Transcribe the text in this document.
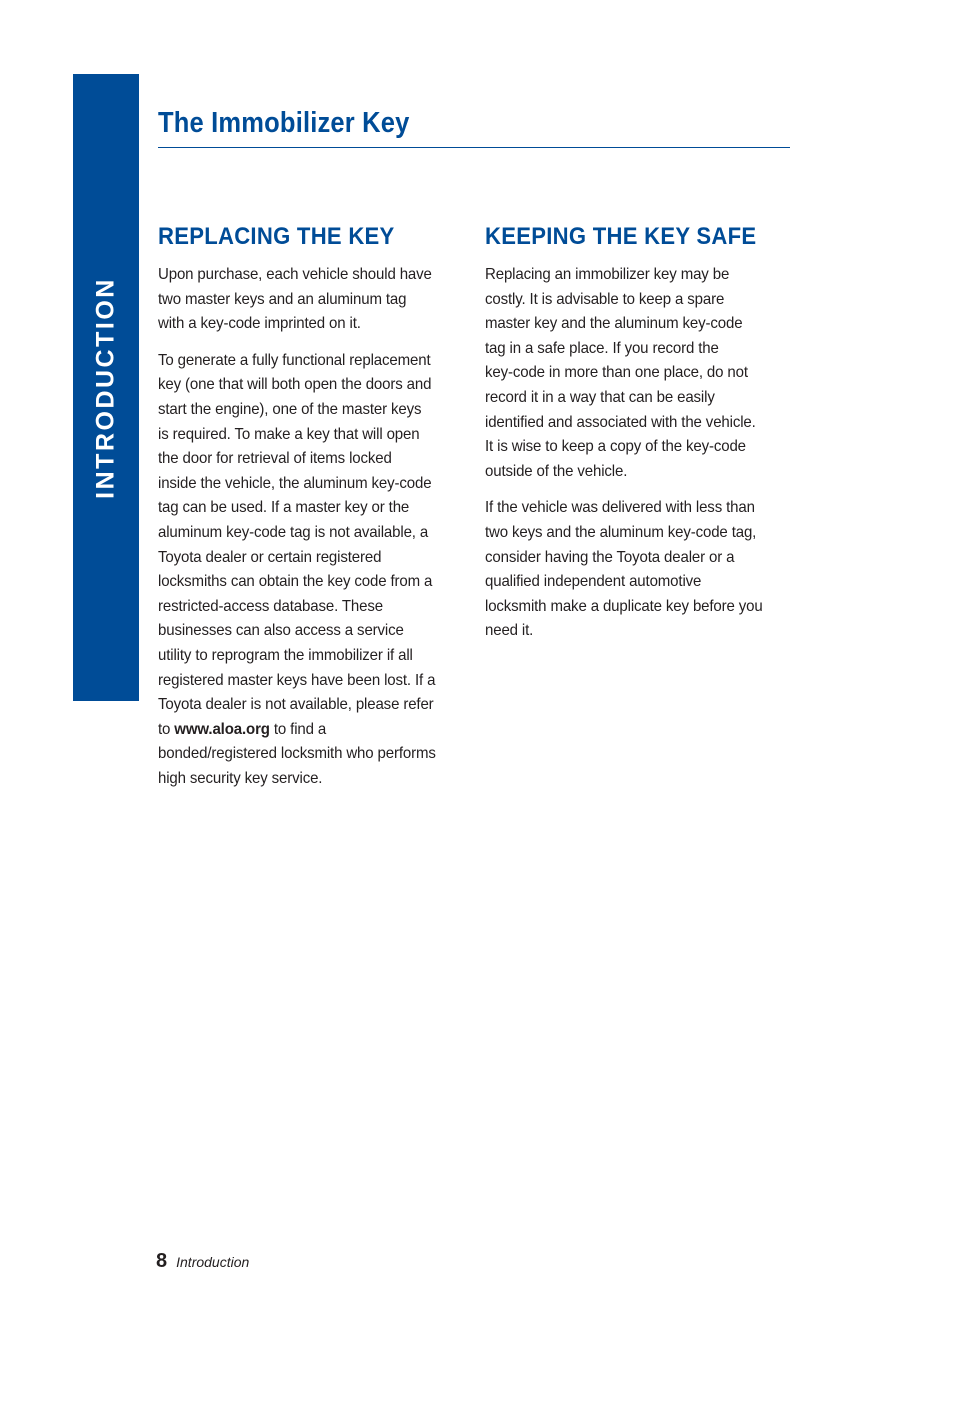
INTRODUCTION
The Immobilizer Key
REPLACING THE KEY

Upon purchase, each vehicle should have
two master keys and an aluminum tag
with a key-code imprinted on it.

To generate a fully functional replacement
key (one that will both open the doors and
start the engine), one of the master keys
is required. To make a key that will open
the door for retrieval of items locked
inside the vehicle, the aluminum key-code
tag can be used. If a master key or the
aluminum key-code tag is not available, a
Toyota dealer or certain registered
locksmiths can obtain the key code from a
restricted-access database. These
businesses can also access a service
utility to reprogram the immobilizer if all
registered master keys have been lost. If a
Toyota dealer is not available, please refer
to www.aloa.org to find a
bonded/registered locksmith who performs
high security key service.

KEEPING THE KEY SAFE

Replacing an immobilizer key may be
costly. It is advisable to keep a spare
master key and the aluminum key-code
tag in a safe place. If you record the
key-code in more than one place, do not
record it in a way that can be easily
identified and associated with the vehicle.
It is wise to keep a copy of the key-code
outside of the vehicle.

If the vehicle was delivered with less than
two keys and the aluminum key-code tag,
consider having the Toyota dealer or a
qualified independent automotive
locksmith make a duplicate key before you
need it.

8 Introduction
